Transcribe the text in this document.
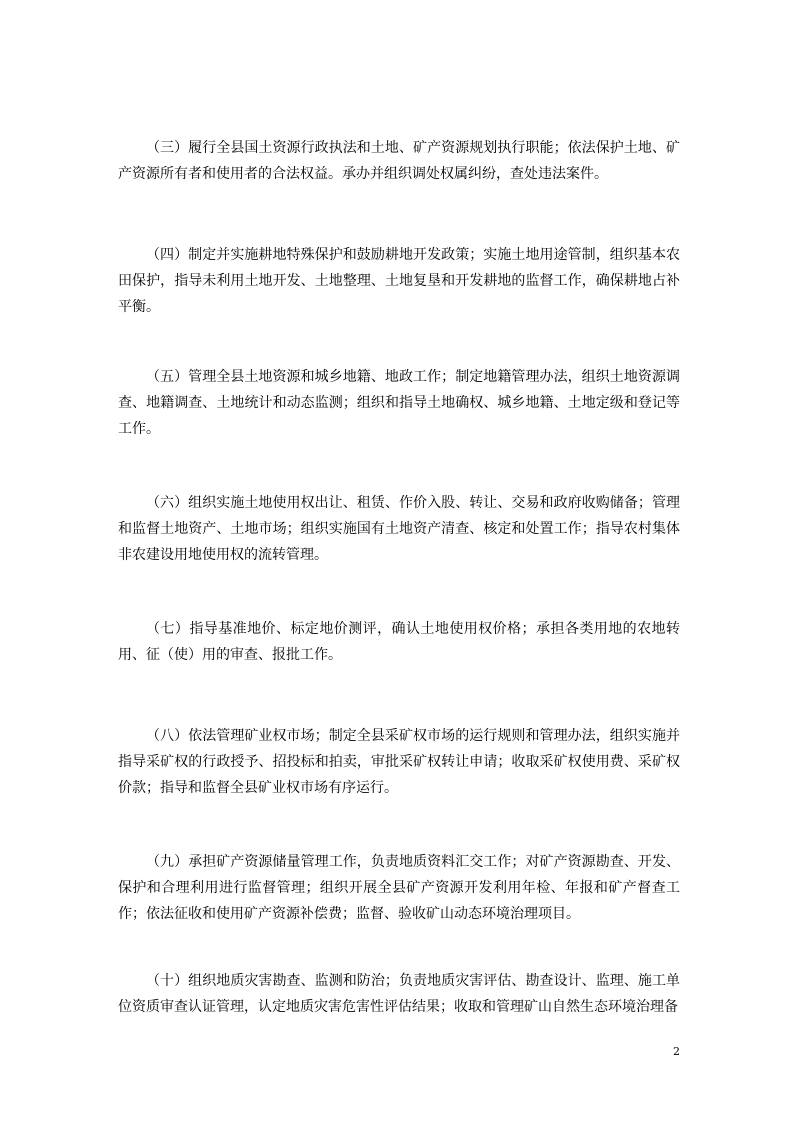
（三）履行全县国土资源行政执法和土地、矿产资源规划执行职能；依法保护土地、矿产资源所有者和使用者的合法权益。承办并组织调处权属纠纷，查处违法案件。

（四）制定并实施耕地特殊保护和鼓励耕地开发政策；实施土地用途管制，组织基本农田保护，指导未利用土地开发、土地整理、土地复垦和开发耕地的监督工作，确保耕地占补平衡。

（五）管理全县土地资源和城乡地籍、地政工作；制定地籍管理办法，组织土地资源调查、地籍调查、土地统计和动态监测；组织和指导土地确权、城乡地籍、土地定级和登记等工作。

（六）组织实施土地使用权出让、租赁、作价入股、转让、交易和政府收购储备；管理和监督土地资产、土地市场；组织实施国有土地资产清查、核定和处置工作；指导农村集体非农建设用地使用权的流转管理。

（七）指导基准地价、标定地价测评，确认土地使用权价格；承担各类用地的农地转用、征（使）用的审查、报批工作。

（八）依法管理矿业权市场；制定全县采矿权市场的运行规则和管理办法，组织实施并指导采矿权的行政授予、招投标和拍卖，审批采矿权转让申请；收取采矿权使用费、采矿权价款；指导和监督全县矿业权市场有序运行。

（九）承担矿产资源储量管理工作，负责地质资料汇交工作；对矿产资源勘查、开发、保护和合理利用进行监督管理；组织开展全县矿产资源开发利用年检、年报和矿产督查工作；依法征收和使用矿产资源补偿费；监督、验收矿山动态环境治理项目。

（十）组织地质灾害勘查、监测和防治；负责地质灾害评估、勘查设计、监理、施工单位资质审查认证管理，认定地质灾害危害性评估结果；收取和管理矿山自然生态环境治理备

2
